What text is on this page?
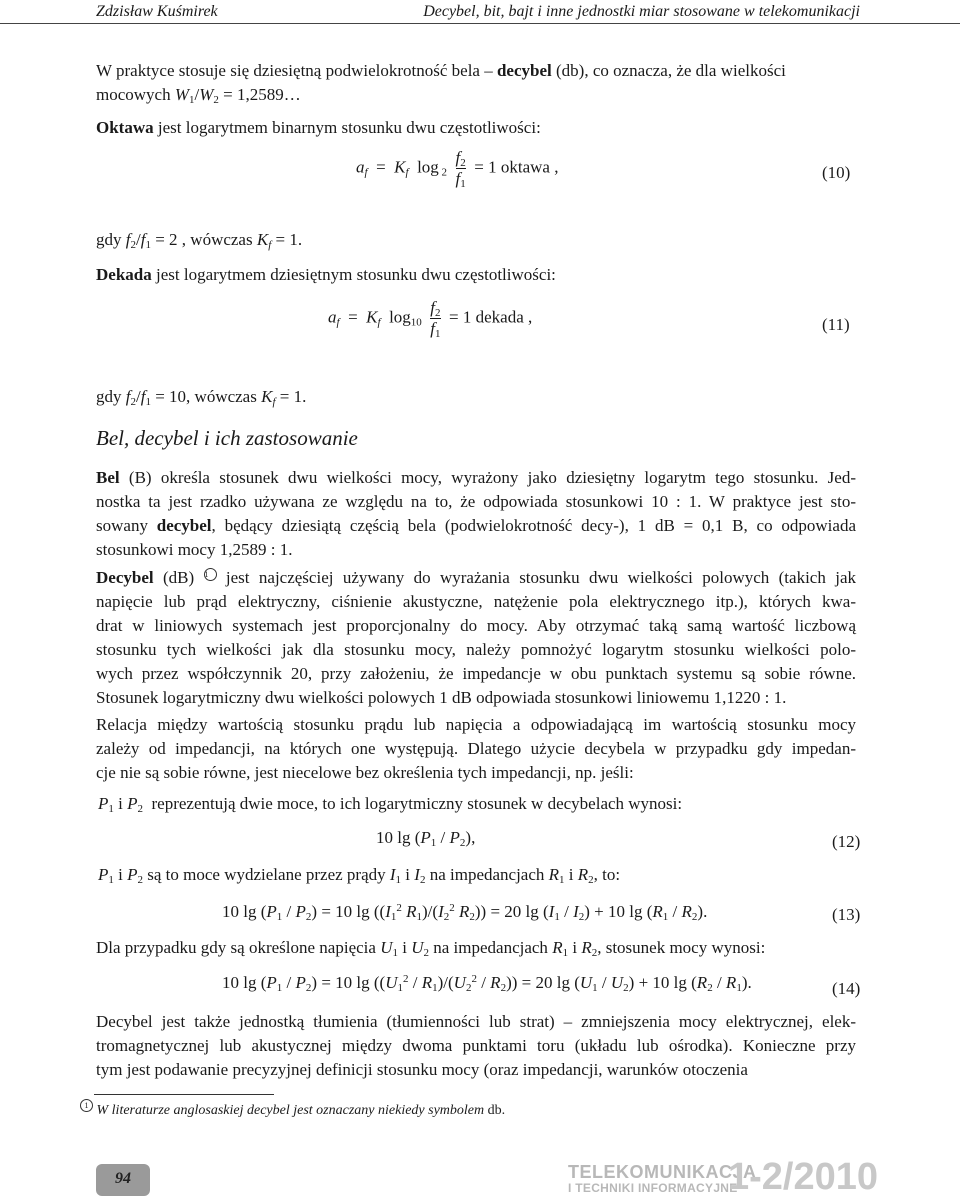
Zdzisław Kuśmirek	Decybel, bit, bajt i inne jednostki miar stosowane w telekomunikacji
W praktyce stosuje się dziesiętną podwielokrotność bela – decybel (db), co oznacza, że dla wielkości
mocowych $W_1/W_2$ = 1,2589…
Oktawa jest logarytmem binarnym stosunku dwu częstotliwości:
$a_f = K_f$  $\log _2 \frac{f_2}{f_1} = 1$ oktawa ,	(10)
gdy $f_2/f_1 = 2$ , wówczas $K_f = 1$.
Dekada jest logarytmem dziesiętnym stosunku dwu częstotliwości:
$a_f = K_f$  $\log_{10} \frac{f_2}{f_1} = 1$ dekada ,	(11)
gdy $f_2/f_1 = 10$, wówczas $K_f = 1$.
Bel, decybel i ich zastosowanie
Bel (B) określa stosunek dwu wielkości mocy, wyrażony jako dziesiętny logarytm tego stosunku. Jed-
nostka ta jest rzadko używana ze względu na to, że odpowiada stosunkowi 10 : 1. W praktyce jest sto-
sowany decybel, będący dziesiątą częścią bela (podwielokrotność decy-), 1 dB = 0,1 B, co odpowiada
stosunkowi mocy 1,2589 : 1.
Decybel (dB) 1 jest najczęściej używany do wyrażania stosunku dwu wielkości polowych (takich jak
napięcie lub prąd elektryczny, ciśnienie akustyczne, natężenie pola elektrycznego itp.), których kwa-
drat w liniowych systemach jest proporcjonalny do mocy. Aby otrzymać taką samą wartość liczbową
stosunku tych wielkości jak dla stosunku mocy, należy pomnożyć logarytm stosunku wielkości polo-
wych przez współczynnik 20, przy założeniu, że impedancje w obu punktach systemu są sobie równe.
Stosunek logarytmiczny dwu wielkości polowych 1 dB odpowiada stosunkowi liniowemu 1,1220 : 1.
Relacja między wartością stosunku prądu lub napięcia a odpowiadającą im wartością stosunku mocy
zależy od impedancji, na których one występują. Dlatego użycie decybela w przypadku gdy impedan-
cje nie są sobie równe, jest niecelowe bez określenia tych impedancji, np. jeśli:
$P_1$ i $P_2$  reprezentują dwie moce, to ich logarytmiczny stosunek w decybelach wynosi:
10 $\lg (P_1 / P_2)$,	(12)
$P_1$ i $P_2$ są to moce wydzielane przez prądy $I_1$ i $I_2$ na impedancjach $R_1$ i $R_2$, to:
10 $\lg (P_1 / P_2) = 10$ $\lg ((I_1^2$ $R_1)/(I_2^2$ $R_2)) = 20$ $\lg (I_1 / I_2) + 10$ $\lg (R_1 / R_2)$.	(13)
Dla przypadku gdy są określone napięcia $U_1$ i $U_2$ na impedancjach $R_1$ i $R_2$, stosunek mocy wynosi:
10 $\lg (P_1 / P_2) = 10$ $\lg ((U_1^2 / R_1)/(U_2^2 / R_2)) = 20$ $\lg (U_1 / U_2) + 10$ $\lg (R_2 / R_1)$.	(14)
Decybel jest także jednostką tłumienia (tłumienności lub strat) – zmniejszenia mocy elektrycznej, elek-
tromagnetycznej lub akustycznej między dwoma punktami toru (układu lub ośrodka). Konieczne przy
tym jest podawanie precyzyjnej definicji stosunku mocy (oraz impedancji, warunków otoczenia
1 W literaturze anglosaskiej decybel jest oznaczany niekiedy symbolem db.
94	TELEKOMUNIKACJA
I TECHNIKI INFORMACYJNE
1-2/2010
